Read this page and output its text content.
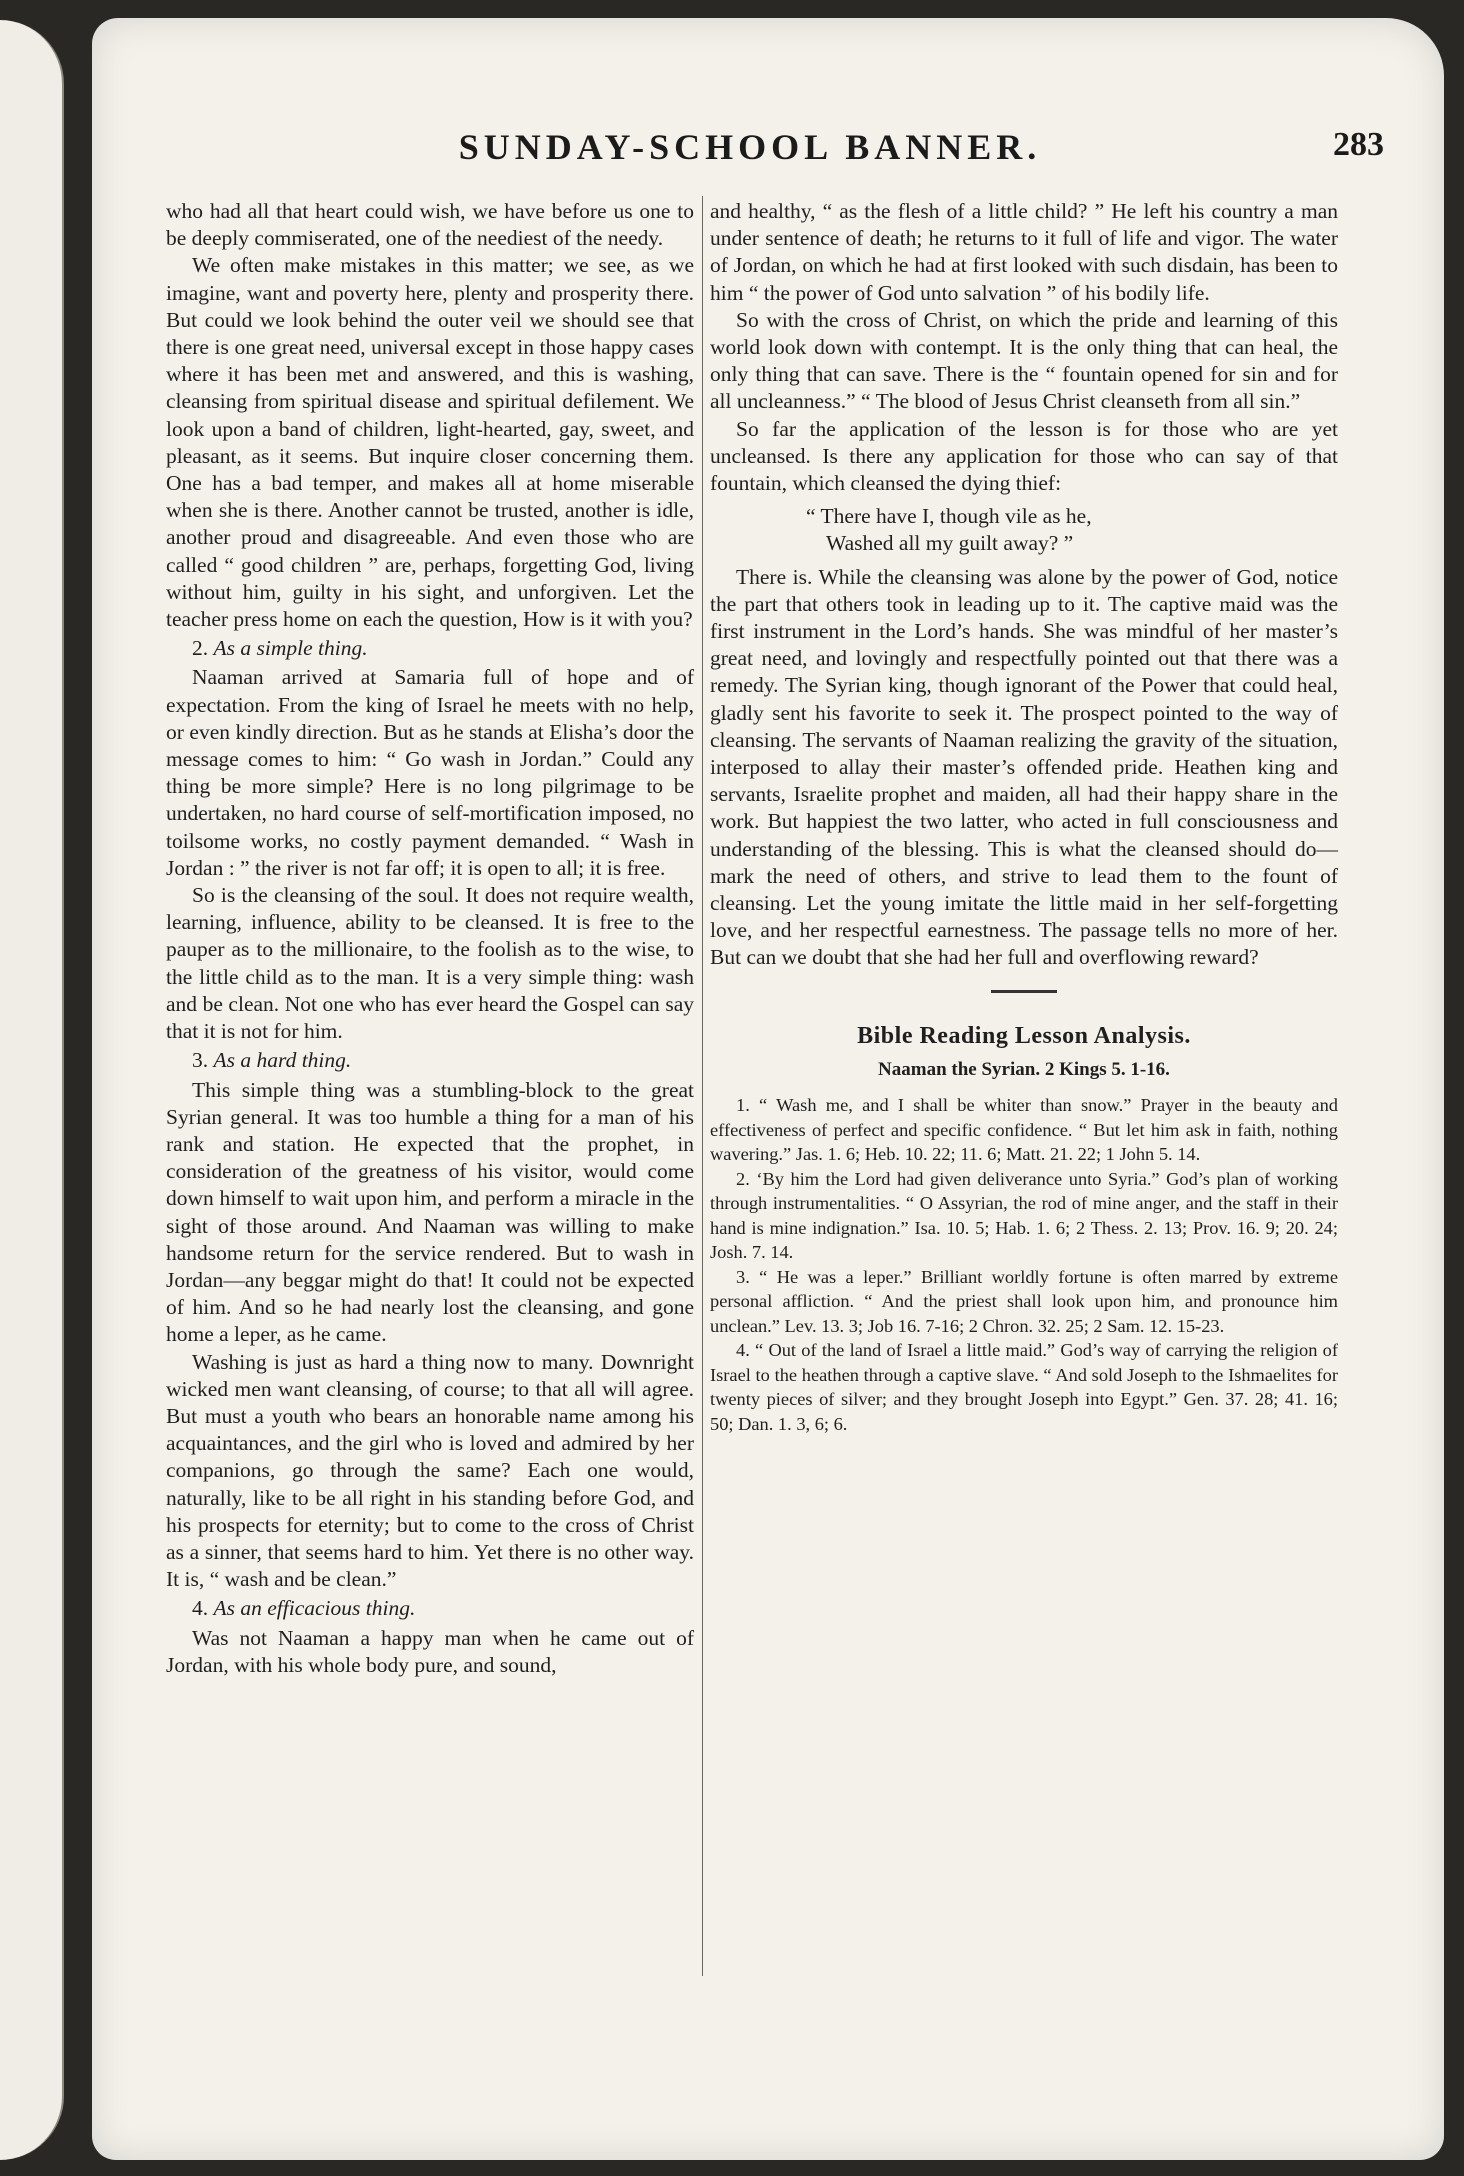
SUNDAY-SCHOOL BANNER.	283

who had all that heart could wish, we have before us one to be deeply commiserated, one of the neediest of the needy.

We often make mistakes in this matter; we see, as we imagine, want and poverty here, plenty and prosperity there. But could we look behind the outer veil we should see that there is one great need, universal except in those happy cases where it has been met and answered, and this is washing, cleansing from spiritual disease and spiritual defilement. We look upon a band of children, light-hearted, gay, sweet, and pleasant, as it seems. But inquire closer concerning them. One has a bad temper, and makes all at home miserable when she is there. Another cannot be trusted, another is idle, another proud and disagreeable. And even those who are called “ good children ” are, perhaps, forgetting God, living without him, guilty in his sight, and unforgiven. Let the teacher press home on each the question, How is it with you?

2. As a simple thing.

Naaman arrived at Samaria full of hope and of expectation. From the king of Israel he meets with no help, or even kindly direction. But as he stands at Elisha’s door the message comes to him: “ Go wash in Jordan.” Could any thing be more simple? Here is no long pilgrimage to be undertaken, no hard course of self-mortification imposed, no toilsome works, no costly payment demanded. “ Wash in Jordan : ” the river is not far off; it is open to all; it is free.

So is the cleansing of the soul. It does not require wealth, learning, influence, ability to be cleansed. It is free to the pauper as to the millionaire, to the foolish as to the wise, to the little child as to the man. It is a very simple thing: wash and be clean. Not one who has ever heard the Gospel can say that it is not for him.

3. As a hard thing.

This simple thing was a stumbling-block to the great Syrian general. It was too humble a thing for a man of his rank and station. He expected that the prophet, in consideration of the greatness of his visitor, would come down himself to wait upon him, and perform a miracle in the sight of those around. And Naaman was willing to make handsome return for the service rendered. But to wash in Jordan—any beggar might do that! It could not be expected of him. And so he had nearly lost the cleansing, and gone home a leper, as he came.

Washing is just as hard a thing now to many. Downright wicked men want cleansing, of course; to that all will agree. But must a youth who bears an honorable name among his acquaintances, and the girl who is loved and admired by her companions, go through the same? Each one would, naturally, like to be all right in his standing before God, and his prospects for eternity; but to come to the cross of Christ as a sinner, that seems hard to him. Yet there is no other way. It is, “ wash and be clean.”

4. As an efficacious thing.

Was not Naaman a happy man when he came out of Jordan, with his whole body pure, and sound,

and healthy, “ as the flesh of a little child? ” He left his country a man under sentence of death; he returns to it full of life and vigor. The water of Jordan, on which he had at first looked with such disdain, has been to him “ the power of God unto salvation ” of his bodily life.

So with the cross of Christ, on which the pride and learning of this world look down with contempt. It is the only thing that can heal, the only thing that can save. There is the “ fountain opened for sin and for all uncleanness.” “ The blood of Jesus Christ cleanseth from all sin.”

So far the application of the lesson is for those who are yet uncleansed. Is there any application for those who can say of that fountain, which cleansed the dying thief:

“ There have I, though vile as he,
Washed all my guilt away? ”

There is. While the cleansing was alone by the power of God, notice the part that others took in leading up to it. The captive maid was the first instrument in the Lord’s hands. She was mindful of her master’s great need, and lovingly and respectfully pointed out that there was a remedy. The Syrian king, though ignorant of the Power that could heal, gladly sent his favorite to seek it. The prospect pointed to the way of cleansing. The servants of Naaman realizing the gravity of the situation, interposed to allay their master’s offended pride. Heathen king and servants, Israelite prophet and maiden, all had their happy share in the work. But happiest the two latter, who acted in full consciousness and understanding of the blessing. This is what the cleansed should do—mark the need of others, and strive to lead them to the fount of cleansing. Let the young imitate the little maid in her self-forgetting love, and her respectful earnestness. The passage tells no more of her. But can we doubt that she had her full and overflowing reward?

Bible Reading Lesson Analysis.
Naaman the Syrian. 2 Kings 5. 1-16.

1. “ Wash me, and I shall be whiter than snow.” Prayer in the beauty and effectiveness of perfect and specific confidence. “ But let him ask in faith, nothing wavering.” Jas. 1. 6; Heb. 10. 22; 11. 6; Matt. 21. 22; 1 John 5. 14.

2. ‘By him the Lord had given deliverance unto Syria.” God’s plan of working through instrumentalities. “ O Assyrian, the rod of mine anger, and the staff in their hand is mine indignation.” Isa. 10. 5; Hab. 1. 6; 2 Thess. 2. 13; Prov. 16. 9; 20. 24; Josh. 7. 14.

3. “ He was a leper.” Brilliant worldly fortune is often marred by extreme personal affliction. “ And the priest shall look upon him, and pronounce him unclean.” Lev. 13. 3; Job 16. 7-16; 2 Chron. 32. 25; 2 Sam. 12. 15-23.

4. “ Out of the land of Israel a little maid.” God’s way of carrying the religion of Israel to the heathen through a captive slave. “ And sold Joseph to the Ishmaelites for twenty pieces of silver; and they brought Joseph into Egypt.” Gen. 37. 28; 41. 16; 50; Dan. 1. 3, 6; 6.
